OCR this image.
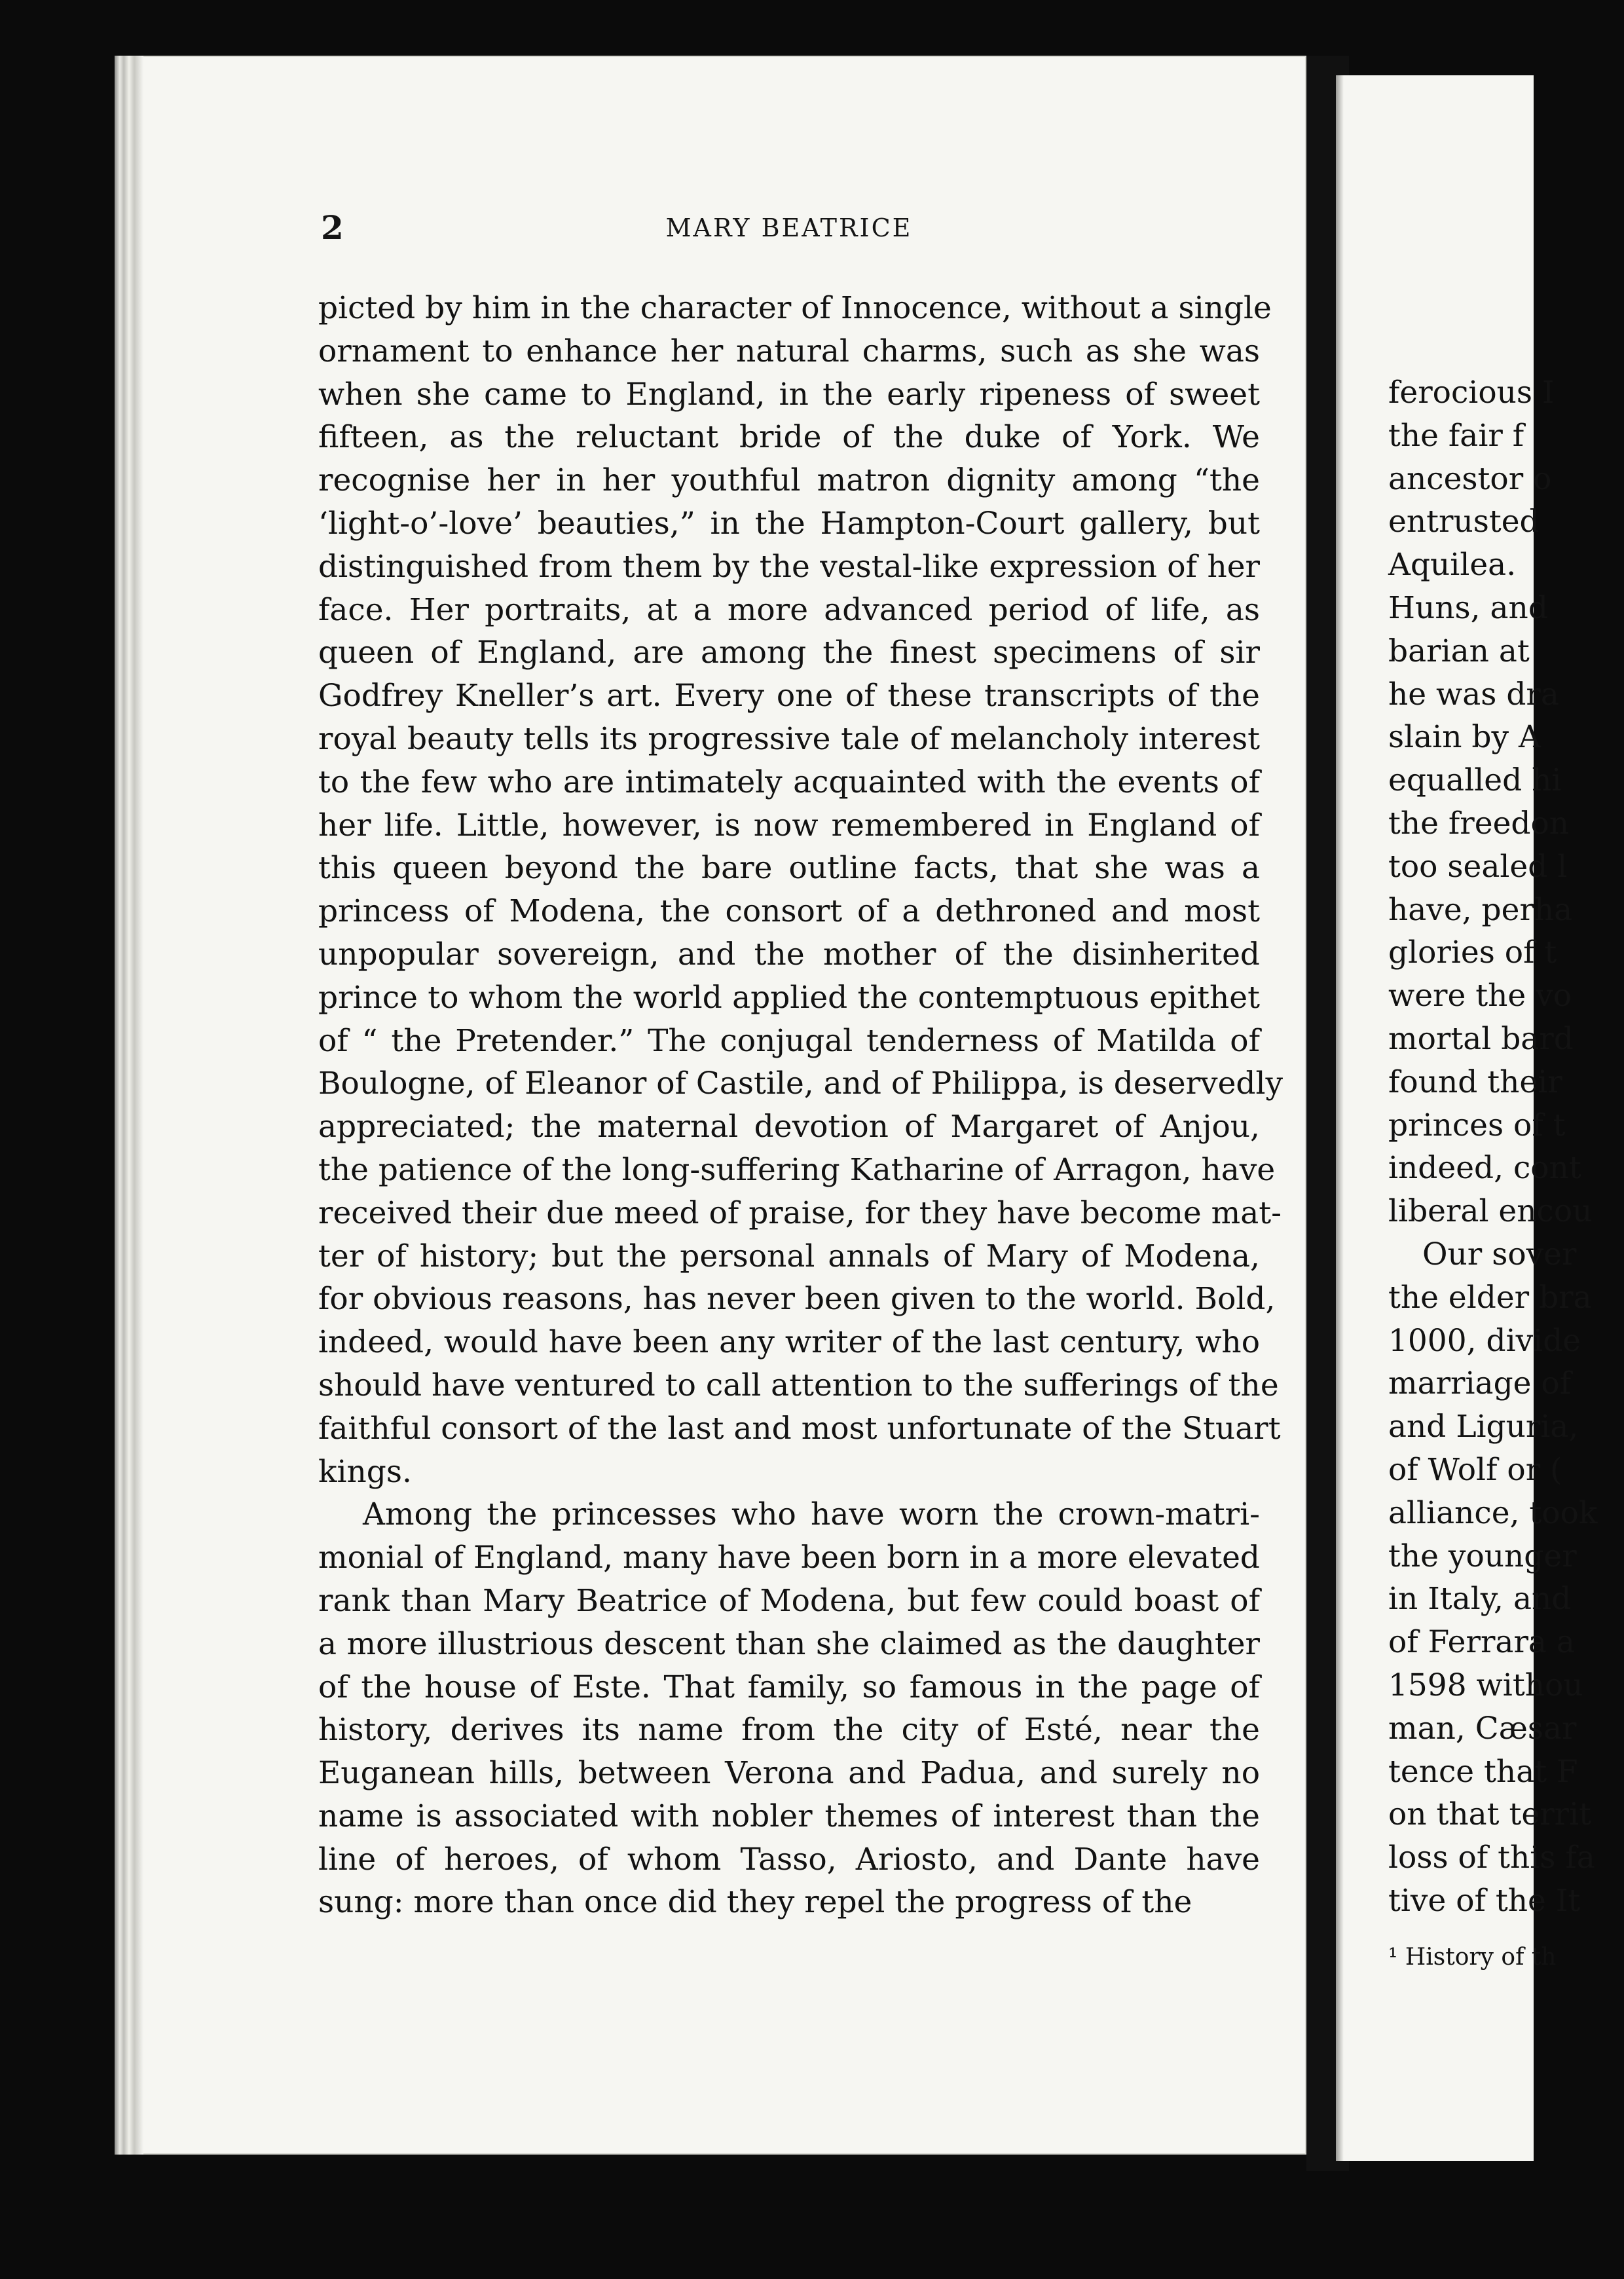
ferocious I
the fair f
ancestor o
entrusted
Aquilea.
Huns, and
barian at
he was dra
slain by A
equalled hi
the freedon
too sealed l
have, perha
glories of t
were the vo
mortal bard
found their
princes of t
indeed, cont
liberal encou
Our sover
the elder bra
1000, divide
marriage of
and Liguria,
of Wolf or (
alliance, took
the younger
in Italy, and
of Ferrara a
1598 withou
man, Cæsar
tence that F
on that territ
loss of this fa
tive of the It
¹ History of th
2	MARY BEATRICE
picted by him in the character of Innocence, without a single
ornament to enhance her natural charms, such as she was
when she came to England, in the early ripeness of sweet
fifteen, as the reluctant bride of the duke of York. We
recognise her in her youthful matron dignity among “the
‘light-o’-love’ beauties,” in the Hampton-Court gallery, but
distinguished from them by the vestal-like expression of her
face. Her portraits, at a more advanced period of life, as
queen of England, are among the finest specimens of sir
Godfrey Kneller’s art. Every one of these transcripts of the
royal beauty tells its progressive tale of melancholy interest
to the few who are intimately acquainted with the events of
her life. Little, however, is now remembered in England of
this queen beyond the bare outline facts, that she was a
princess of Modena, the consort of a dethroned and most
unpopular sovereign, and the mother of the disinherited
prince to whom the world applied the contemptuous epithet
of “ the Pretender.” The conjugal tenderness of Matilda of
Boulogne, of Eleanor of Castile, and of Philippa, is deservedly
appreciated; the maternal devotion of Margaret of Anjou,
the patience of the long-suffering Katharine of Arragon, have
received their due meed of praise, for they have become mat-
ter of history; but the personal annals of Mary of Modena,
for obvious reasons, has never been given to the world. Bold,
indeed, would have been any writer of the last century, who
should have ventured to call attention to the sufferings of the
faithful consort of the last and most unfortunate of the Stuart
kings.
Among the princesses who have worn the crown-matri-
monial of England, many have been born in a more elevated
rank than Mary Beatrice of Modena, but few could boast of
a more illustrious descent than she claimed as the daughter
of the house of Este. That family, so famous in the page of
history, derives its name from the city of Esté, near the
Euganean hills, between Verona and Padua, and surely no
name is associated with nobler themes of interest than the
line of heroes, of whom Tasso, Ariosto, and Dante have
sung: more than once did they repel the progress of the
